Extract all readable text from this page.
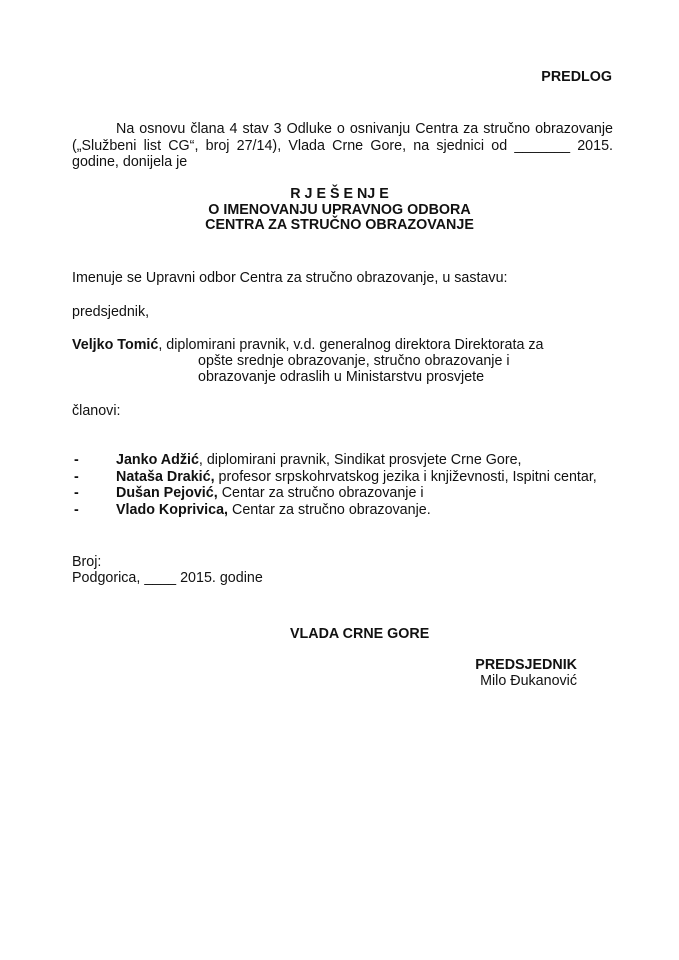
PREDLOG

Na osnovu člana 4 stav 3 Odluke o osnivanju Centra za stručno obrazovanje

(„Službeni list CG“, broj 27/14), Vlada Crne Gore, na sjednici od _______ 2015.

godine, donijela je

R J E Š E NJ E
O IMENOVANJU UPRAVNOG ODBORA
CENTRA ZA STRUČNO OBRAZOVANJE
Imenuje se Upravni odbor Centra za stručno obrazovanje, u sastavu:
predsjednik,
Veljko Tomić, diplomirani pravnik, v.d. generalnog direktora Direktorata za
opšte srednje obrazovanje, stručno obrazovanje i
obrazovanje odraslih u Ministarstvu prosvjete
članovi:
-	Janko Adžić, diplomirani pravnik, Sindikat prosvjete Crne Gore,
-	Nataša Drakić, profesor srpskohrvatskog jezika i književnosti, Ispitni centar,
-	Dušan Pejović, Centar za stručno obrazovanje i
-	Vlado Koprivica, Centar za stručno obrazovanje.
Broj:
Podgorica, ____ 2015. godine
VLADA CRNE GORE
PREDSJEDNIK
Milo Đukanović
